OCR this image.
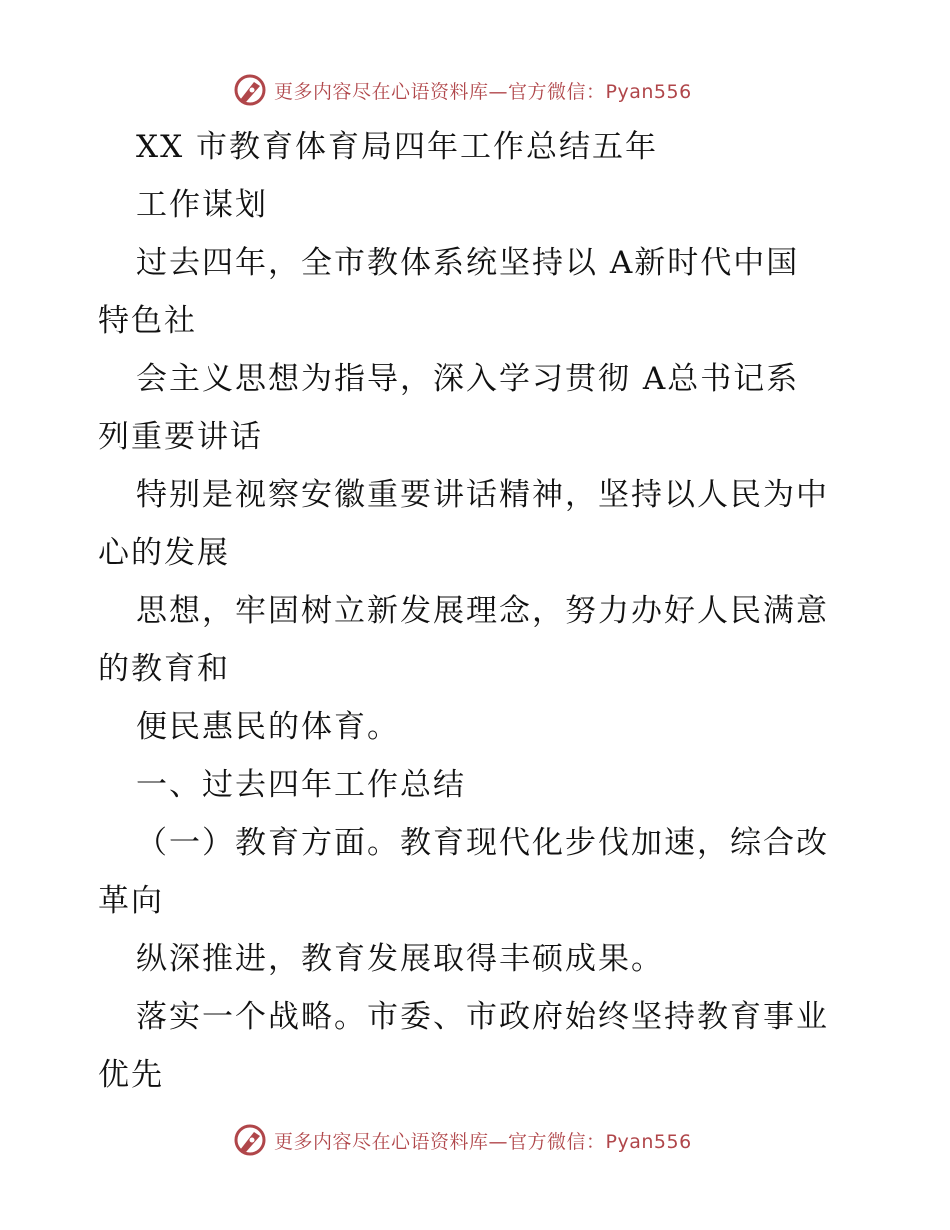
更多内容尽在心语资料库—官方微信：Pyan556
XX 市教育体育局四年工作总结五年
工作谋划
过去四年，全市教体系统坚持以 A新时代中国
特色社
会主义思想为指导，深入学习贯彻 A总书记系
列重要讲话
特别是视察安徽重要讲话精神，坚持以人民为中
心的发展
思想，牢固树立新发展理念，努力办好人民满意
的教育和
便民惠民的体育。
一、过去四年工作总结
（一）教育方面。教育现代化步伐加速，综合改
革向
纵深推进，教育发展取得丰硕成果。
落实一个战略。市委、市政府始终坚持教育事业
优先
更多内容尽在心语资料库—官方微信：Pyan556
